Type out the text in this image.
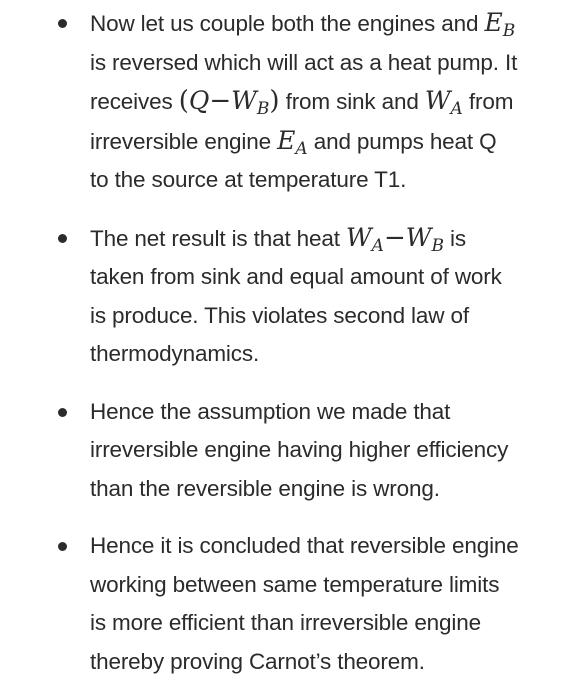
Now let us couple both the engines and $E_B$
is reversed which will act as a heat pump. It
receives $(Q-W_B)$ from sink and $W_A$ from
irreversible engine $E_A$ and pumps heat Q
to the source at temperature T1.
The net result is that heat $W_A-W_B$ is
taken from sink and equal amount of work
is produce. This violates second law of
thermodynamics.
Hence the assumption we made that
irreversible engine having higher efficiency
than the reversible engine is wrong.
Hence it is concluded that reversible engine
working between same temperature limits
is more efficient than irreversible engine
thereby proving Carnot’s theorem.
